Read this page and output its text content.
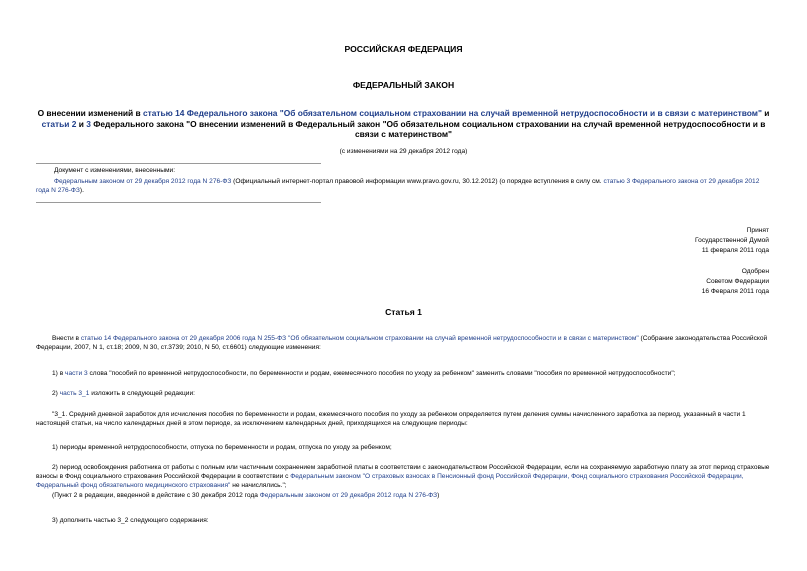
РОССИЙСКАЯ ФЕДЕРАЦИЯ
ФЕДЕРАЛЬНЫЙ ЗАКОН
О внесении изменений в статью 14 Федерального закона "Об обязательном социальном страховании на случай временной нетрудоспособности и в связи с материнством" и статьи 2 и 3 Федерального закона "О внесении изменений в Федеральный закон "Об обязательном социальном страховании на случай временной нетрудоспособности и в связи с материнством"
(с изменениями на 29 декабря 2012 года)
Документ с изменениями, внесенными:
Федеральным законом от 29 декабря 2012 года N 276-ФЗ (Официальный интернет-портал правовой информации www.pravo.gov.ru, 30.12.2012) (о порядке вступления в силу см. статью 3 Федерального закона от 29 декабря 2012 года N 276-ФЗ).
Принят
Государственной Думой
11 февраля 2011 года
Одобрен
Советом Федерации
16 Февраля 2011 года
Статья 1
Внести в статью 14 Федерального закона от 29 декабря 2006 года N 255-ФЗ "Об обязательном социальном страховании на случай временной нетрудоспособности и в связи с материнством" (Собрание законодательства Российской Федерации, 2007, N 1, ст.18; 2009, N 30, ст.3739; 2010, N 50, ст.6601) следующие изменения:
1) в части 3 слова "пособий по временной нетрудоспособности, по беременности и родам, ежемесячного пособия по уходу за ребенком" заменить словами "пособия по временной нетрудоспособности";
2) часть 3_1 изложить в следующей редакции:
"3_1. Средний дневной заработок для исчисления пособия по беременности и родам, ежемесячного пособия по уходу за ребенком определяется путем деления суммы начисленного заработка за период, указанный в части 1 настоящей статьи, на число календарных дней в этом периоде, за исключением календарных дней, приходящихся на следующие периоды:
1) периоды временной нетрудоспособности, отпуска по беременности и родам, отпуска по уходу за ребенком;
2) период освобождения работника от работы с полным или частичным сохранением заработной платы в соответствии с законодательством Российской Федерации, если на сохраняемую заработную плату за этот период страховые взносы в Фонд социального страхования Российской Федерации в соответствии с Федеральным законом "О страховых взносах в Пенсионный фонд Российской Федерации, Фонд социального страхования Российской Федерации, Федеральный фонд обязательного медицинского страхования" не начислялись.";
(Пункт 2 в редакции, введенной в действие с 30 декабря 2012 года Федеральным законом от 29 декабря 2012 года N 276-ФЗ)
3) дополнить частью 3_2 следующего содержания:
